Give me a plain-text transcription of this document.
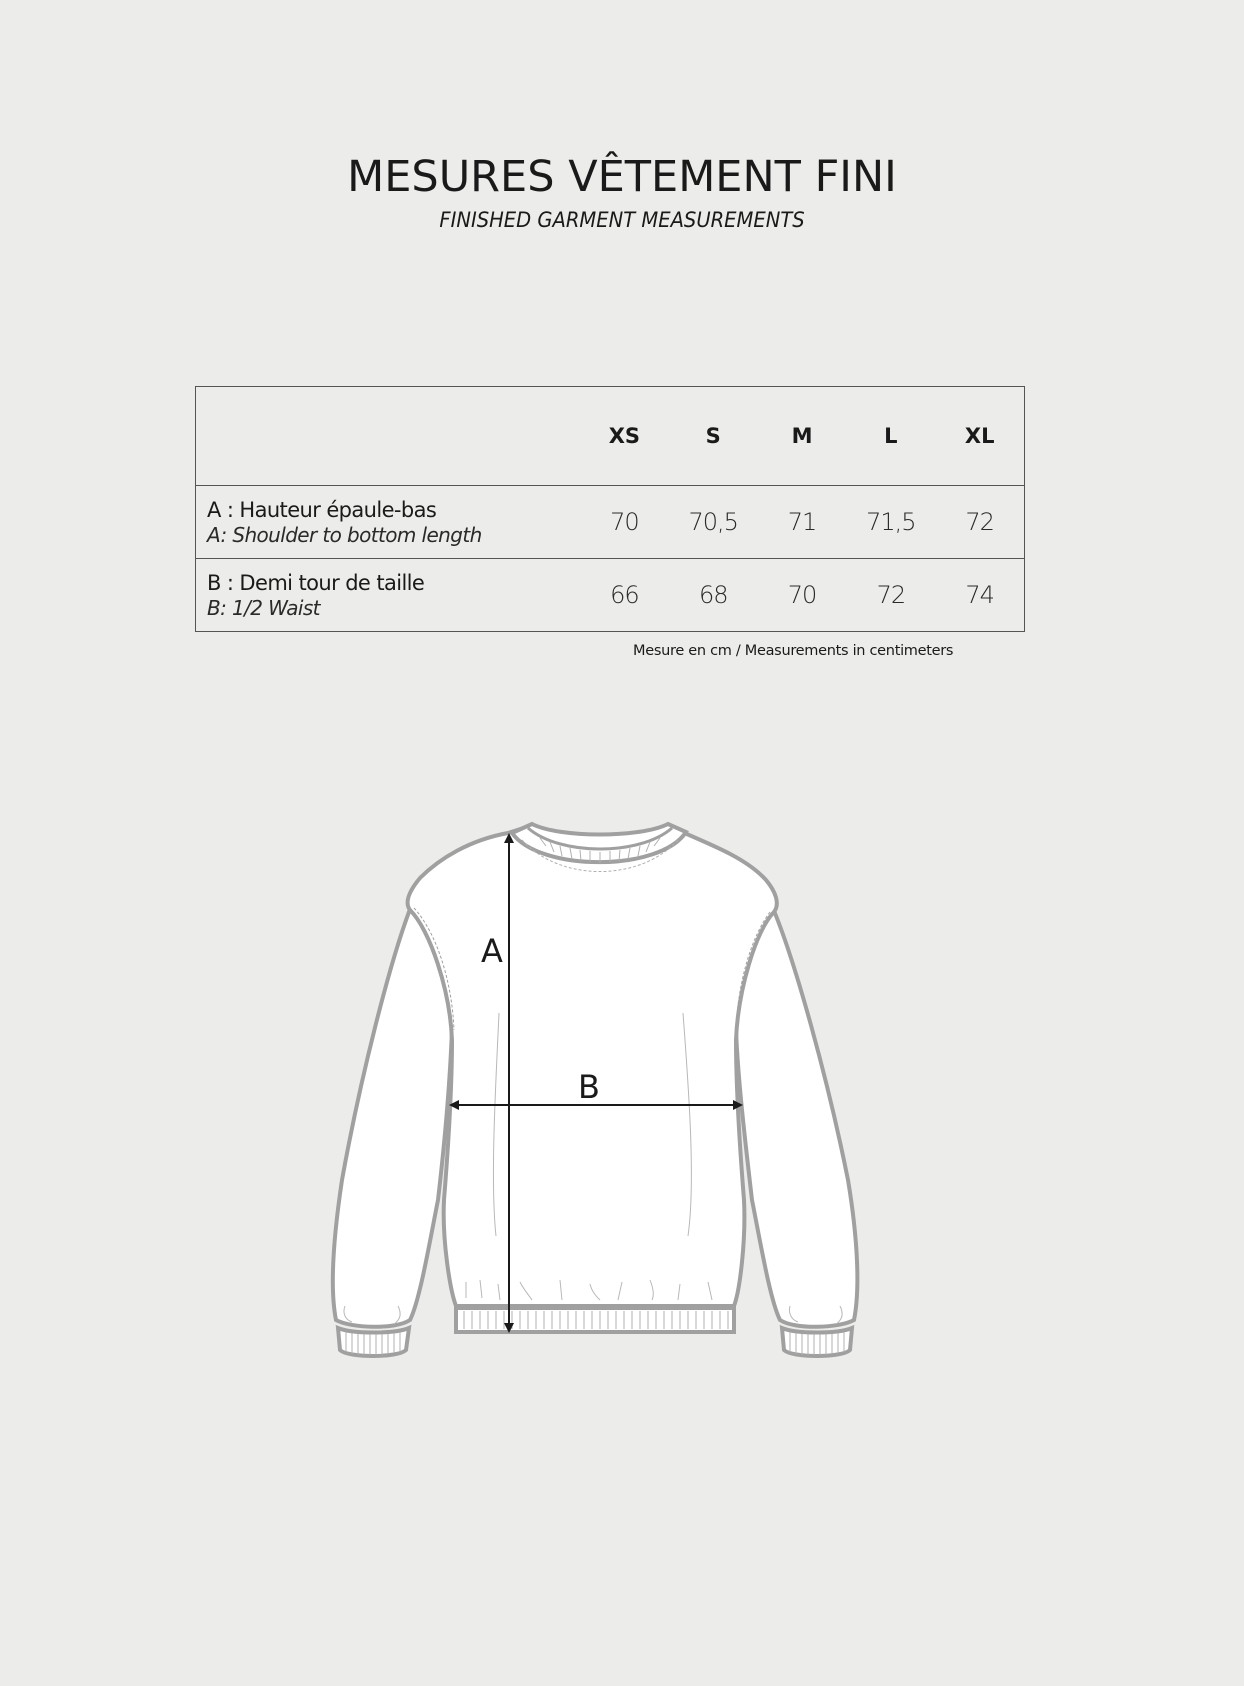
MESURES VÊTEMENT FINI

FINISHED GARMENT MEASUREMENTS

	XS	S	M	L	XL

A : Hauteur épaule-bas
A: Shoulder to bottom length	70	70,5	71	71,5	72

B : Demi tour de taille
B: 1/2 Waist	66	68	70	72	74
Mesure en cm / Measurements in centimeters
A
B
